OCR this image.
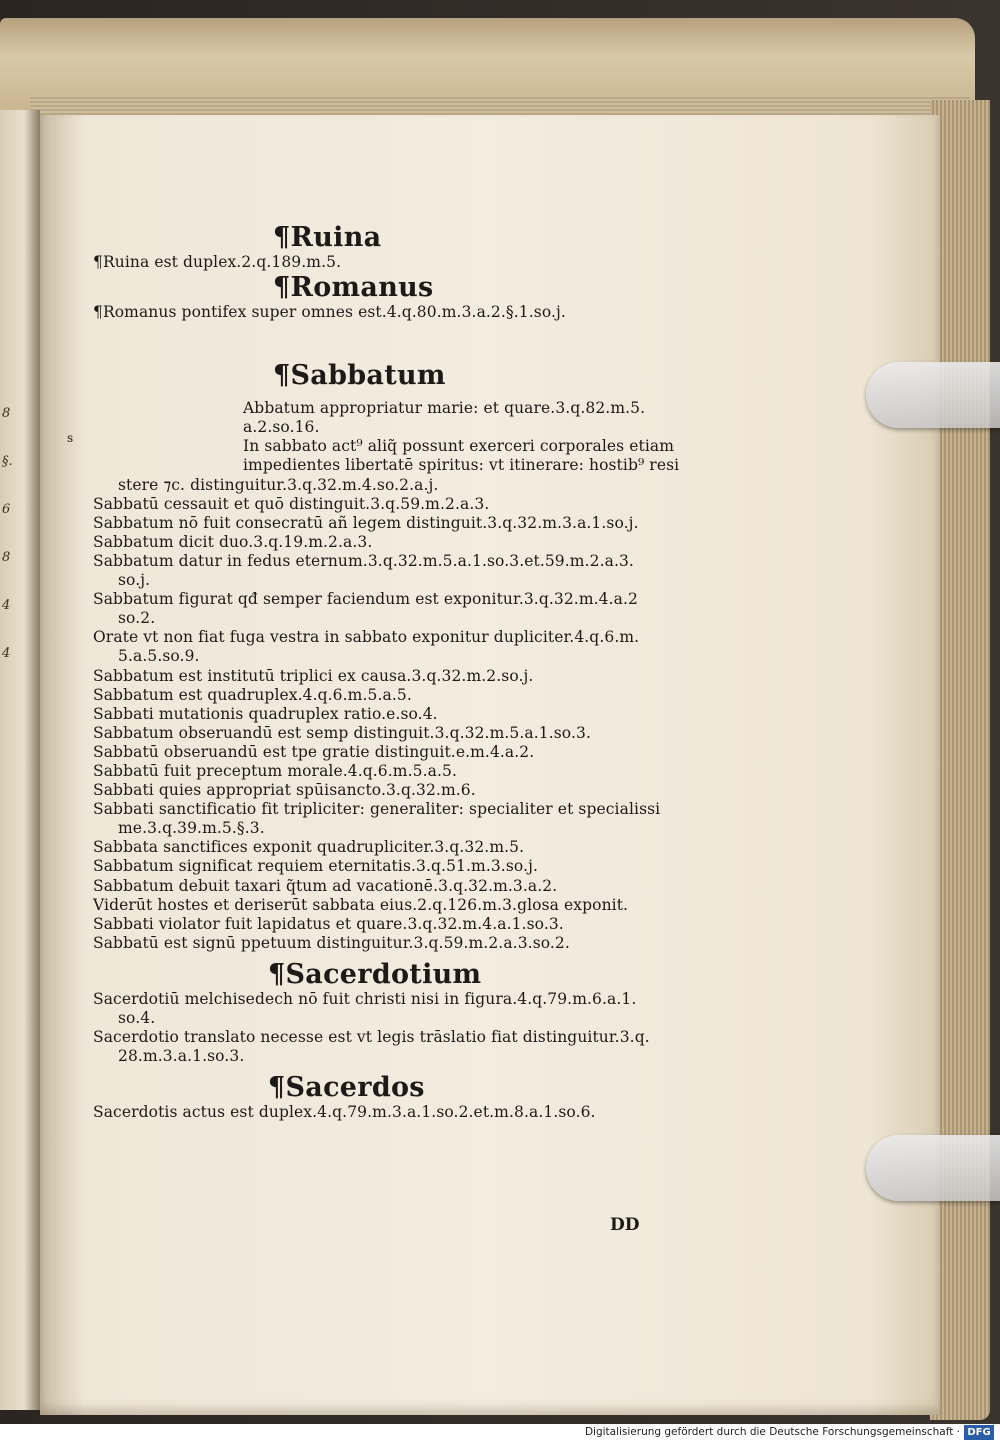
8
§.
6
8
4
4
s
¶Ruina
¶Ruina est duplex.2.q.189.m.5.
¶Romanus
¶Romanus pontifex super omnes est.4.q.80.m.3.a.2.§.1.so.j.
¶Sabbatum
Abbatum appropriatur marie: et quare.3.q.82.m.5.
a.2.so.16.
In sabbato act⁹ aliq̃ possunt exerceri corporales etiam
impedientes libertatē spiritus: vt itinerare: hostib⁹ resi
stere ⁊c. distinguitur.3.q.32.m.4.so.2.a.j.
Sabbatū cessauit et quō distinguit.3.q.59.m.2.a.3.
Sabbatum nō fuit consecratū añ legem distinguit.3.q.32.m.3.a.1.so.j.
Sabbatum dicit duo.3.q.19.m.2.a.3.
Sabbatum datur in fedus eternum.3.q.32.m.5.a.1.so.3.et.59.m.2.a.3.
so.j.
Sabbatum figurat qđ semper faciendum est exponitur.3.q.32.m.4.a.2
so.2.
Orate vt non fiat fuga vestra in sabbato exponitur dupliciter.4.q.6.m.
5.a.5.so.9.
Sabbatum est institutū triplici ex causa.3.q.32.m.2.so.j.
Sabbatum est quadruplex.4.q.6.m.5.a.5.
Sabbati mutationis quadruplex ratio.e.so.4.
Sabbatum obseruandū est semp distinguit.3.q.32.m.5.a.1.so.3.
Sabbatū obseruandū est tpe gratie distinguit.e.m.4.a.2.
Sabbatū fuit preceptum morale.4.q.6.m.5.a.5.
Sabbati quies appropriat spūisancto.3.q.32.m.6.
Sabbati sanctificatio fit tripliciter: generaliter: specialiter et specialissi
me.3.q.39.m.5.§.3.
Sabbata sanctifices exponit quadrupliciter.3.q.32.m.5.
Sabbatum significat requiem eternitatis.3.q.51.m.3.so.j.
Sabbatum debuit taxari q̃tum ad vacationē.3.q.32.m.3.a.2.
Viderūt hostes et deriserūt sabbata eius.2.q.126.m.3.glosa exponit.
Sabbati violator fuit lapidatus et quare.3.q.32.m.4.a.1.so.3.
Sabbatū est signū ppetuum distinguitur.3.q.59.m.2.a.3.so.2.
¶Sacerdotium
Sacerdotiū melchisedech nō fuit christi nisi in figura.4.q.79.m.6.a.1.
so.4.
Sacerdotio translato necesse est vt legis trāslatio fiat distinguitur.3.q.
28.m.3.a.1.so.3.
¶Sacerdos
Sacerdotis actus est duplex.4.q.79.m.3.a.1.so.2.et.m.8.a.1.so.6.
DD
Digitalisierung gefördert durch die Deutsche Forschungsgemeinschaft · DFG
